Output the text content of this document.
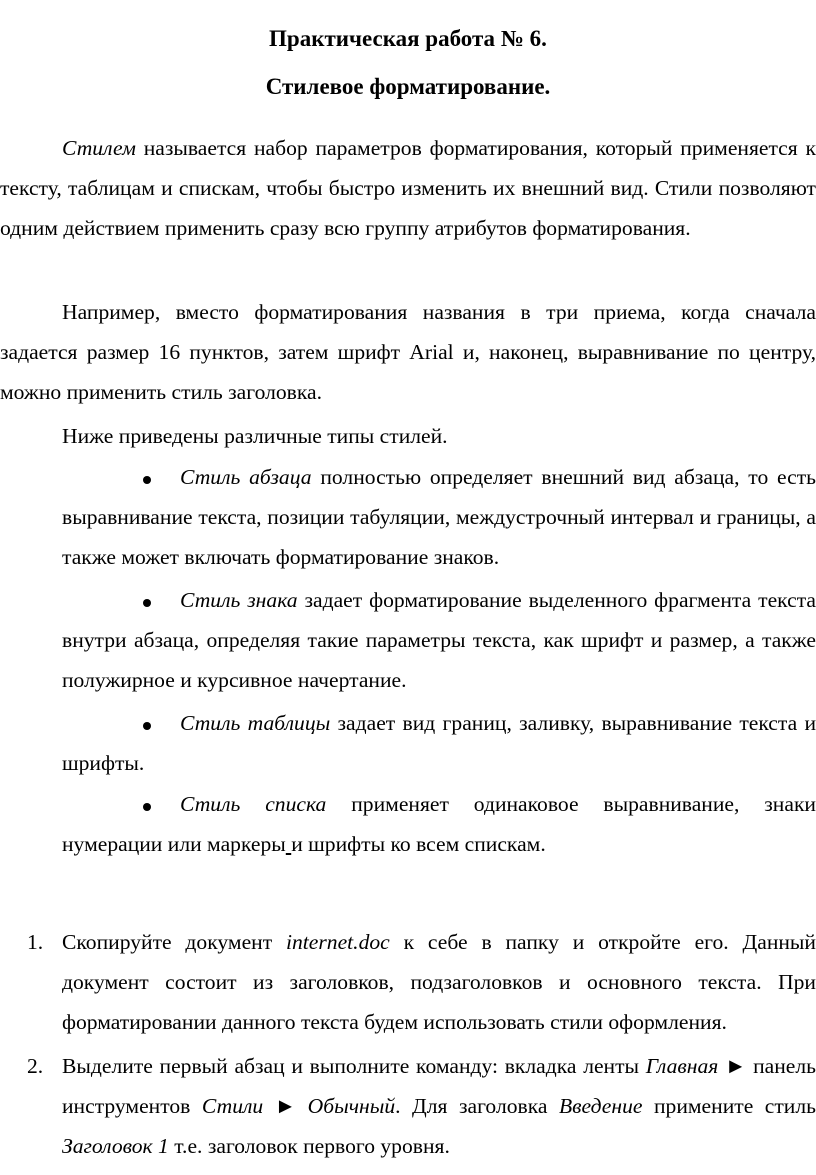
Практическая работа № 6.
Стилевое форматирование.

Стилем называется набор параметров форматирования, который применяется к тексту, таблицам и спискам, чтобы быстро изменить их внешний вид. Стили позволяют одним действием применить сразу всю группу атрибутов форматирования.

Например, вместо форматирования названия в три приема, когда сначала задается размер 16 пунктов, затем шрифт Arial и, наконец, выравнивание по центру, можно применить стиль заголовка.

Ниже приведены различные типы стилей.

Стиль абзаца полностью определяет внешний вид абзаца, то есть выравнивание текста, позиции табуляции, междустрочный интервал и границы, а также может включать форматирование знаков.

Стиль знака задает форматирование выделенного фрагмента текста внутри абзаца, определяя такие параметры текста, как шрифт и размер, а также полужирное и курсивное начертание.

Стиль таблицы задает вид границ, заливку, выравнивание текста и шрифты.

Стиль списка применяет одинаковое выравнивание, знаки нумерации или маркеры и шрифты ко всем спискам.

1. Скопируйте документ internet.doc к себе в папку и откройте его. Данный документ состоит из заголовков, подзаголовков и основного текста. При форматировании данного текста будем использовать стили оформления.

2. Выделите первый абзац и выполните команду: вкладка ленты Главная ► панель инструментов Стили ► Обычный. Для заголовка Введение примените стиль Заголовок 1 т.е. заголовок первого уровня.
